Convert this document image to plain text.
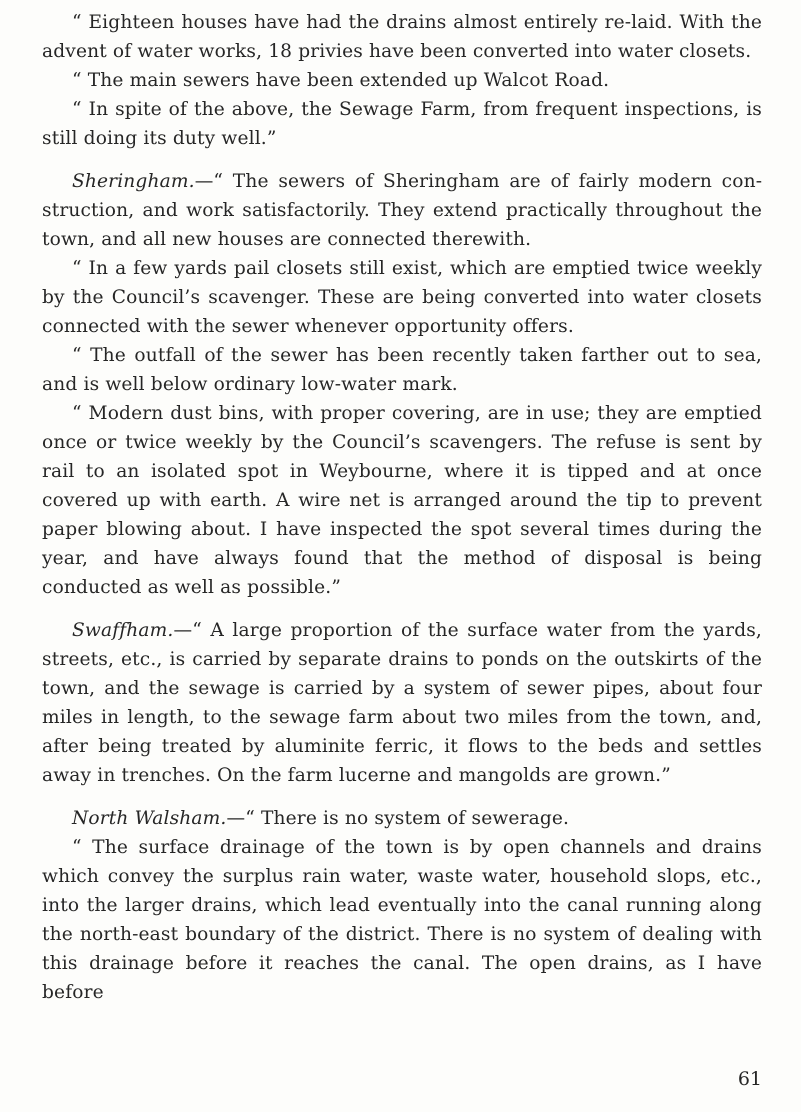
“ Eighteen houses have had the drains almost entirely re-laid. With the advent of water works, 18 privies have been converted into water closets.

“ The main sewers have been extended up Walcot Road.

“ In spite of the above, the Sewage Farm, from frequent inspections, is still doing its duty well.”

Sheringham.—“ The sewers of Sheringham are of fairly modern construction, and work satisfactorily. They extend practically throughout the town, and all new houses are connected therewith.

“ In a few yards pail closets still exist, which are emptied twice weekly by the Council’s scavenger. These are being converted into water closets connected with the sewer whenever opportunity offers.

“ The outfall of the sewer has been recently taken farther out to sea, and is well below ordinary low-water mark.

“ Modern dust bins, with proper covering, are in use; they are emptied once or twice weekly by the Council’s scavengers. The refuse is sent by rail to an isolated spot in Weybourne, where it is tipped and at once covered up with earth. A wire net is arranged around the tip to prevent paper blowing about. I have inspected the spot several times during the year, and have always found that the method of disposal is being conducted as well as possible.”

Swaffham.—“ A large proportion of the surface water from the yards, streets, etc., is carried by separate drains to ponds on the outskirts of the town, and the sewage is carried by a system of sewer pipes, about four miles in length, to the sewage farm about two miles from the town, and, after being treated by aluminite ferric, it flows to the beds and settles away in trenches. On the farm lucerne and mangolds are grown.”

North Walsham.—“ There is no system of sewerage.

“ The surface drainage of the town is by open channels and drains which convey the surplus rain water, waste water, household slops, etc., into the larger drains, which lead eventually into the canal running along the north-east boundary of the district. There is no system of dealing with this drainage before it reaches the canal. The open drains, as I have before

61
